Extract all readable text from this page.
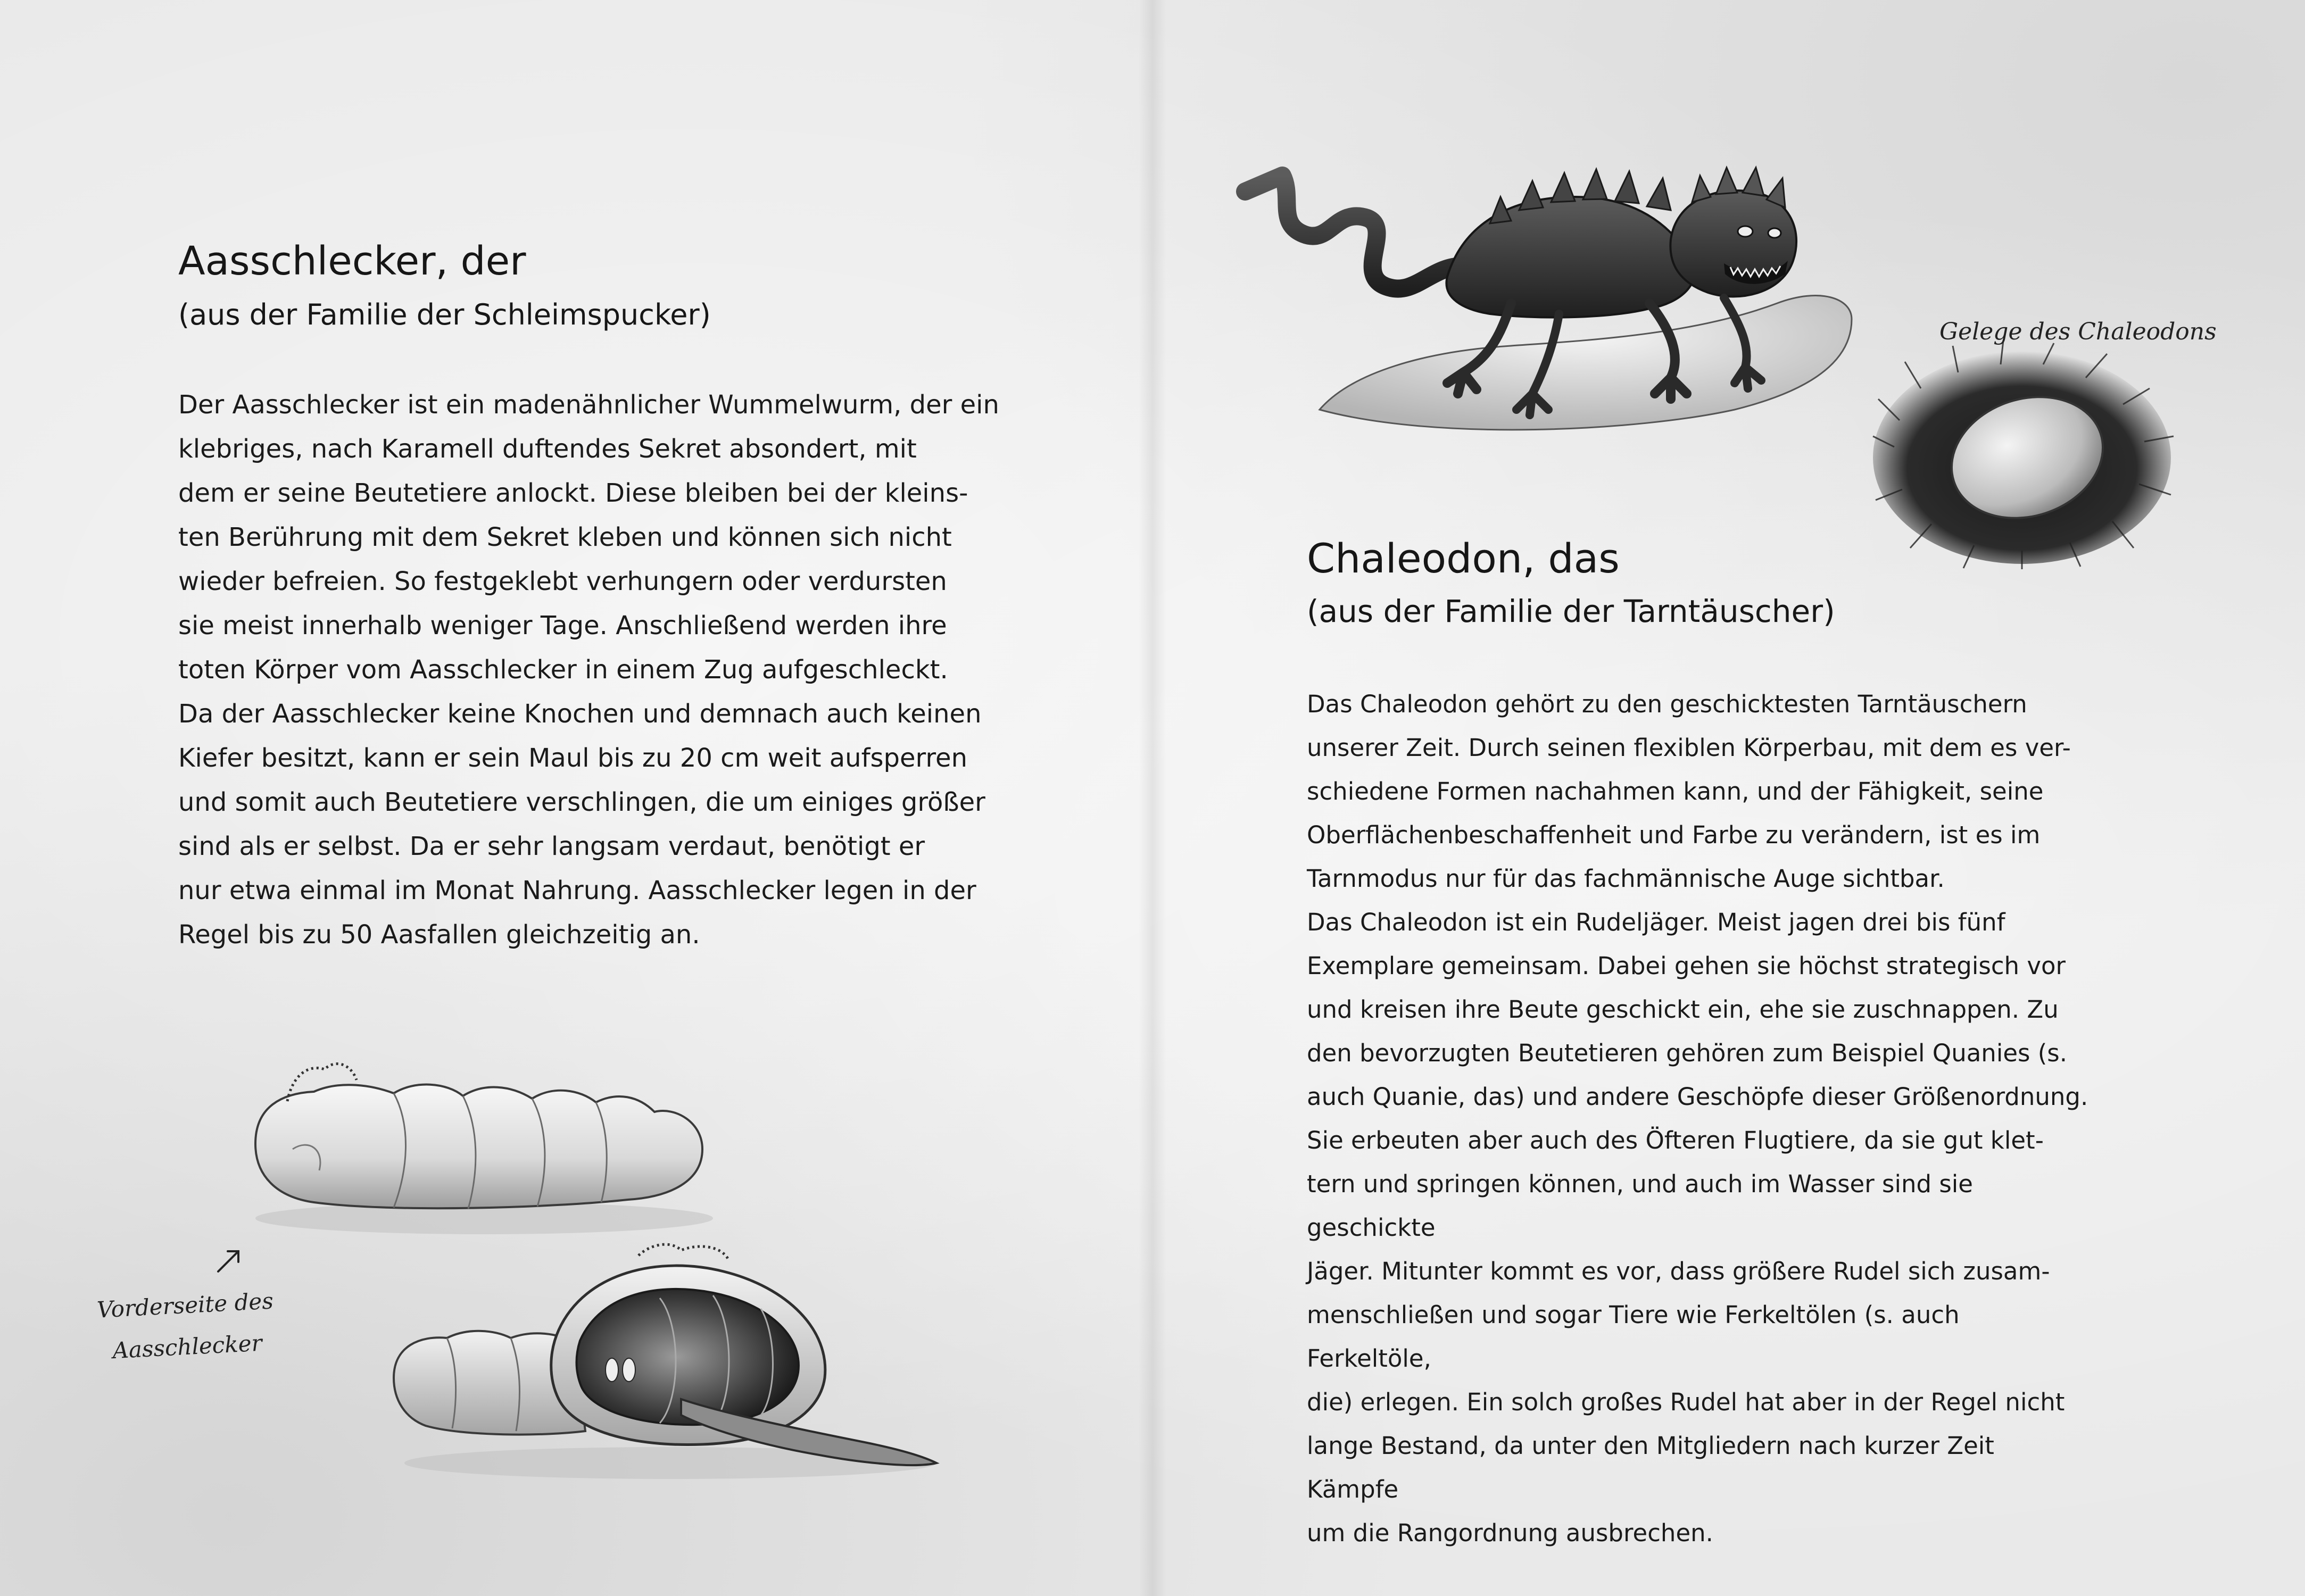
Aasschlecker, der

(aus der Familie der Schleimspucker)

Der Aasschlecker ist ein madenähnlicher Wummelwurm, der ein
klebriges, nach Karamell duftendes Sekret absondert, mit
dem er seine Beutetiere anlockt. Diese bleiben bei der kleins-
ten Berührung mit dem Sekret kleben und können sich nicht
wieder befreien. So festgeklebt verhungern oder verdursten
sie meist innerhalb weniger Tage. Anschließend werden ihre
toten Körper vom Aasschlecker in einem Zug aufgeschleckt.
Da der Aasschlecker keine Knochen und demnach auch keinen
Kiefer besitzt, kann er sein Maul bis zu 20 cm weit aufsperren
und somit auch Beutetiere verschlingen, die um einiges größer
sind als er selbst. Da er sehr langsam verdaut, benötigt er
nur etwa einmal im Monat Nahrung. Aasschlecker legen in der
Regel bis zu 50 Aasfallen gleichzeitig an.

Vorderseite des
Aasschlecker

Gelege des Chaleodons

Chaleodon, das

(aus der Familie der Tarntäuscher)

Das Chaleodon gehört zu den geschicktesten Tarntäuschern
unserer Zeit. Durch seinen flexiblen Körperbau, mit dem es ver-
schiedene Formen nachahmen kann, und der Fähigkeit, seine
Oberflächenbeschaffenheit und Farbe zu verändern, ist es im
Tarnmodus nur für das fachmännische Auge sichtbar.
Das Chaleodon ist ein Rudeljäger. Meist jagen drei bis fünf
Exemplare gemeinsam. Dabei gehen sie höchst strategisch vor
und kreisen ihre Beute geschickt ein, ehe sie zuschnappen. Zu
den bevorzugten Beutetieren gehören zum Beispiel Quanies (s.
auch Quanie, das) und andere Geschöpfe dieser Größenordnung.
Sie erbeuten aber auch des Öfteren Flugtiere, da sie gut klet-
tern und springen können, und auch im Wasser sind sie geschickte
Jäger. Mitunter kommt es vor, dass größere Rudel sich zusam-
menschließen und sogar Tiere wie Ferkeltölen (s. auch Ferkeltöle,
die) erlegen. Ein solch großes Rudel hat aber in der Regel nicht
lange Bestand, da unter den Mitgliedern nach kurzer Zeit Kämpfe
um die Rangordnung ausbrechen.
